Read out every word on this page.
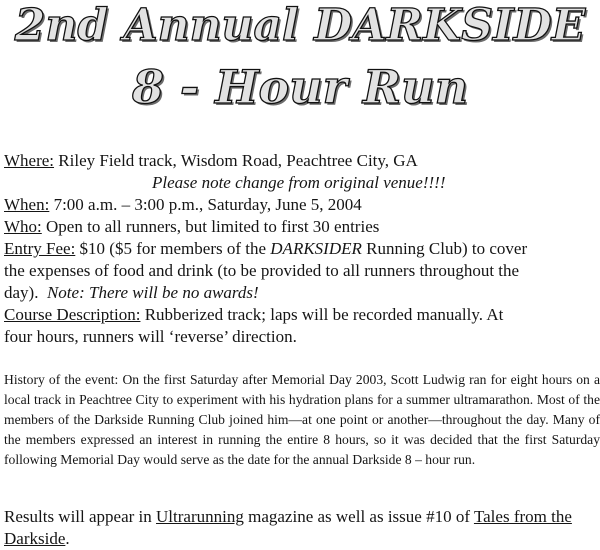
2nd Annual DARKSIDE
8 - Hour Run

Where: Riley Field track, Wisdom Road, Peachtree City, GA

Please note change from original venue!!!!

When: 7:00 a.m. – 3:00 p.m., Saturday, June 5, 2004

Who: Open to all runners, but limited to first 30 entries

Entry Fee: $10 ($5 for members of the DARKSIDER Running Club) to cover

the expenses of food and drink (to be provided to all runners throughout the

day). Note: There will be no awards!

Course Description: Rubberized track; laps will be recorded manually. At

four hours, runners will ‘reverse’ direction.

History of the event: On the first Saturday after Memorial Day 2003, Scott Ludwig ran for eight hours on a local track in Peachtree City to experiment with his hydration plans for a summer ultramarathon. Most of the members of the Darkside Running Club joined him—at one point or another—throughout the day. Many of the members expressed an interest in running the entire 8 hours, so it was decided that the first Saturday following Memorial Day would serve as the date for the annual Darkside 8 – hour run.

Results will appear in Ultrarunning magazine as well as issue #10 of Tales from the Darkside.
